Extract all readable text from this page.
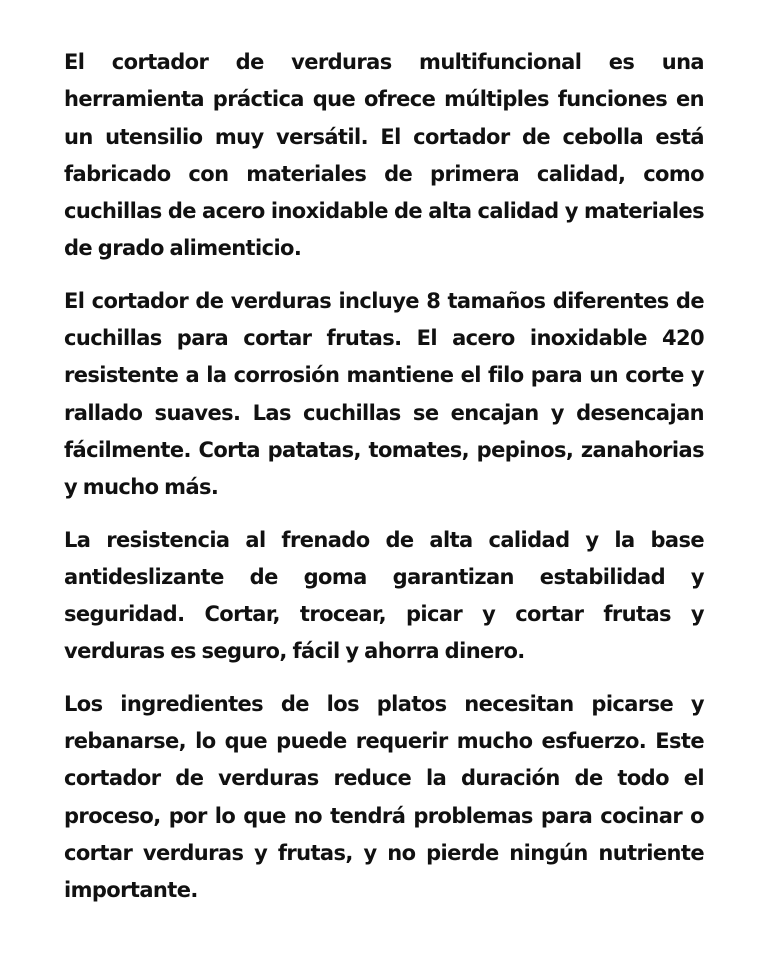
El cortador de verduras multifuncional es una herramienta práctica que ofrece múltiples funciones en un utensilio muy versátil. El cortador de cebolla está fabricado con materiales de primera calidad, como cuchillas de acero inoxidable de alta calidad y materiales de grado alimenticio.

El cortador de verduras incluye 8 tamaños diferentes de cuchillas para cortar frutas. El acero inoxidable 420 resistente a la corrosión mantiene el filo para un corte y rallado suaves. Las cuchillas se encajan y desencajan fácilmente. Corta patatas, tomates, pepinos, zanahorias y mucho más.

La resistencia al frenado de alta calidad y la base antideslizante de goma garantizan estabilidad y seguridad. Cortar, trocear, picar y cortar frutas y verduras es seguro, fácil y ahorra dinero.

Los ingredientes de los platos necesitan picarse y rebanarse, lo que puede requerir mucho esfuerzo. Este cortador de verduras reduce la duración de todo el proceso, por lo que no tendrá problemas para cocinar o cortar verduras y frutas, y no pierde ningún nutriente importante.
